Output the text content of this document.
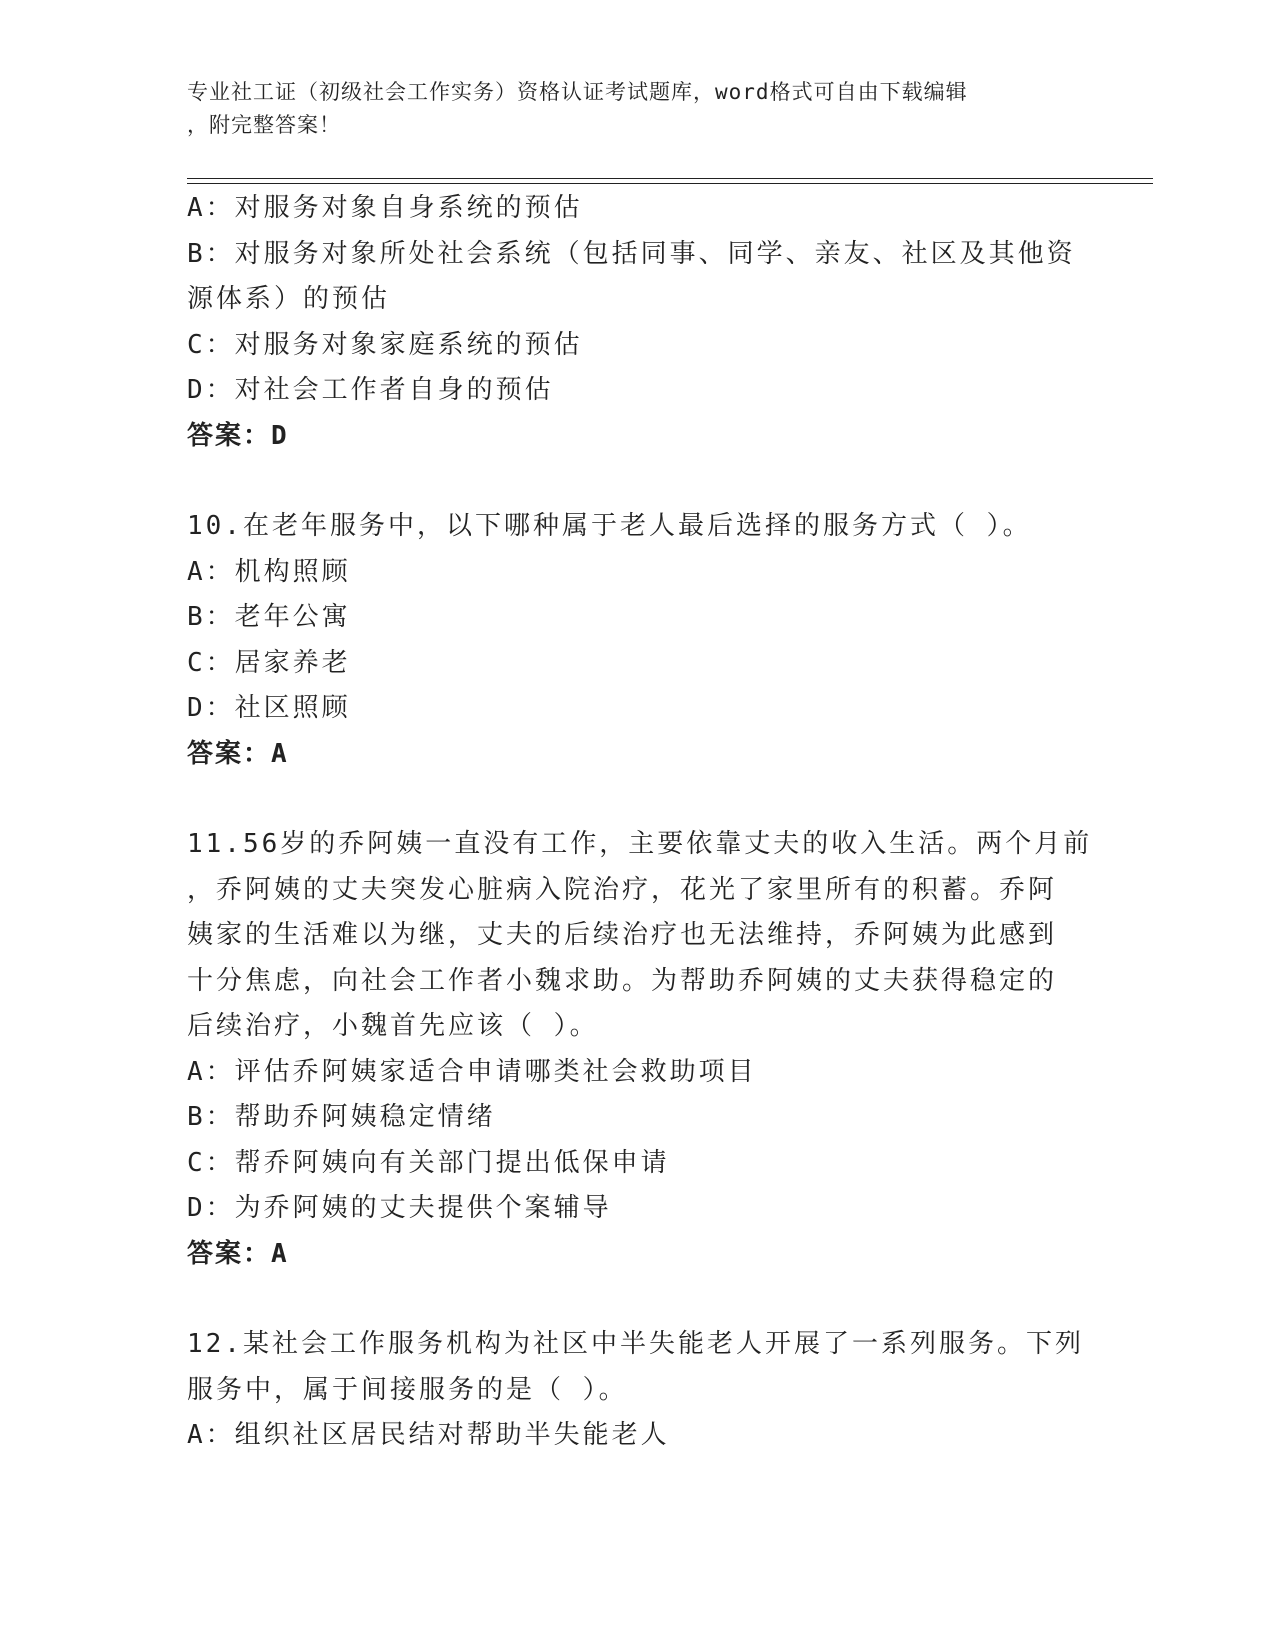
专业社工证（初级社会工作实务）资格认证考试题库，word格式可自由下载编辑
，附完整答案！
A：对服务对象自身系统的预估
B：对服务对象所处社会系统（包括同事、同学、亲友、社区及其他资
源体系）的预估
C：对服务对象家庭系统的预估
D：对社会工作者自身的预估
答案：D
10.在老年服务中，以下哪种属于老人最后选择的服务方式（ ）。
A：机构照顾
B：老年公寓
C：居家养老
D：社区照顾
答案：A
11.56岁的乔阿姨一直没有工作，主要依靠丈夫的收入生活。两个月前
，乔阿姨的丈夫突发心脏病入院治疗，花光了家里所有的积蓄。乔阿
姨家的生活难以为继，丈夫的后续治疗也无法维持，乔阿姨为此感到
十分焦虑，向社会工作者小魏求助。为帮助乔阿姨的丈夫获得稳定的
后续治疗，小魏首先应该（ ）。
A：评估乔阿姨家适合申请哪类社会救助项目
B：帮助乔阿姨稳定情绪
C：帮乔阿姨向有关部门提出低保申请
D：为乔阿姨的丈夫提供个案辅导
答案：A
12.某社会工作服务机构为社区中半失能老人开展了一系列服务。下列
服务中，属于间接服务的是（ ）。
A：组织社区居民结对帮助半失能老人
